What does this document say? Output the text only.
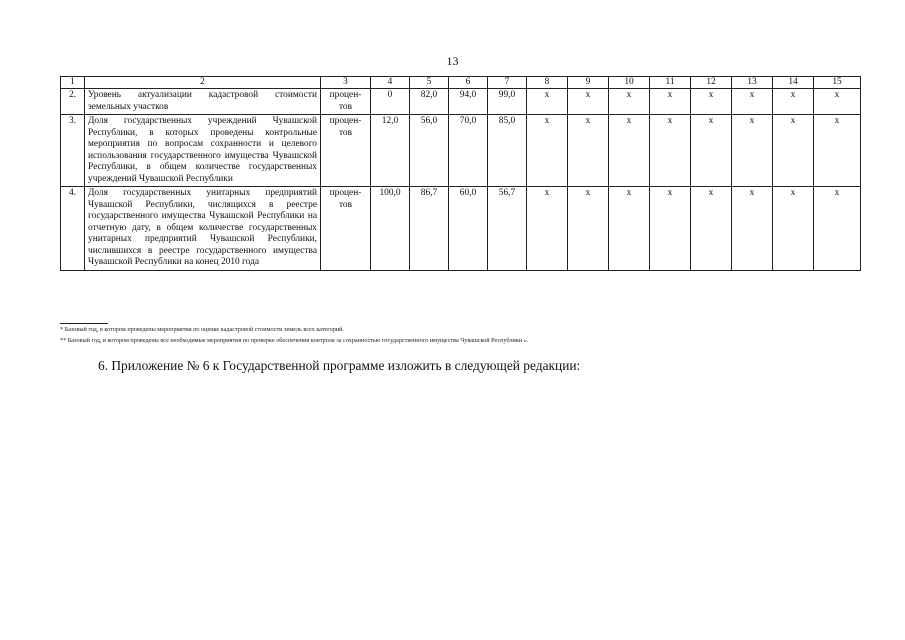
13
1	2	3	4	5	6	7	8	9	10	11	12	13	14	15
2.	Уровень актуализации кадастровой стоимости земельных участков	процен-тов	0	82,0	94,0	99,0	х	х	х	х	х	х	х	х
3.	Доля государственных учреждений Чувашской Республики, в которых проведены контрольные мероприятия по вопросам сохранности и целевого использования государственного имущества Чувашской Республики, в общем количестве государственных учреждений Чувашской Республики	процен-тов	12,0	56,0	70,0	85,0	х	х	х	х	х	х	х	х
4.	Доля государственных унитарных предприятий Чувашской Республики, числящихся в реестре государственного имущества Чувашской Республики на отчетную дату, в общем количестве государственных унитарных предприятий Чувашской Республики, числившихся в реестре государственного имущества Чувашской Республики на конец 2010 года	процен-тов	100,0	86,7	60,0	56,7	х	х	х	х	х	х	х	х
* Базовый год, в котором проведены мероприятия по оценке кадастровой стоимости земель всех категорий.
** Базовый год, в котором проведены все необходимые мероприятия по проверке обеспечения контроля за сохранностью государственного имущества Чувашской Республики ».
6. Приложение № 6 к Государственной программе изложить в следующей редакции:
